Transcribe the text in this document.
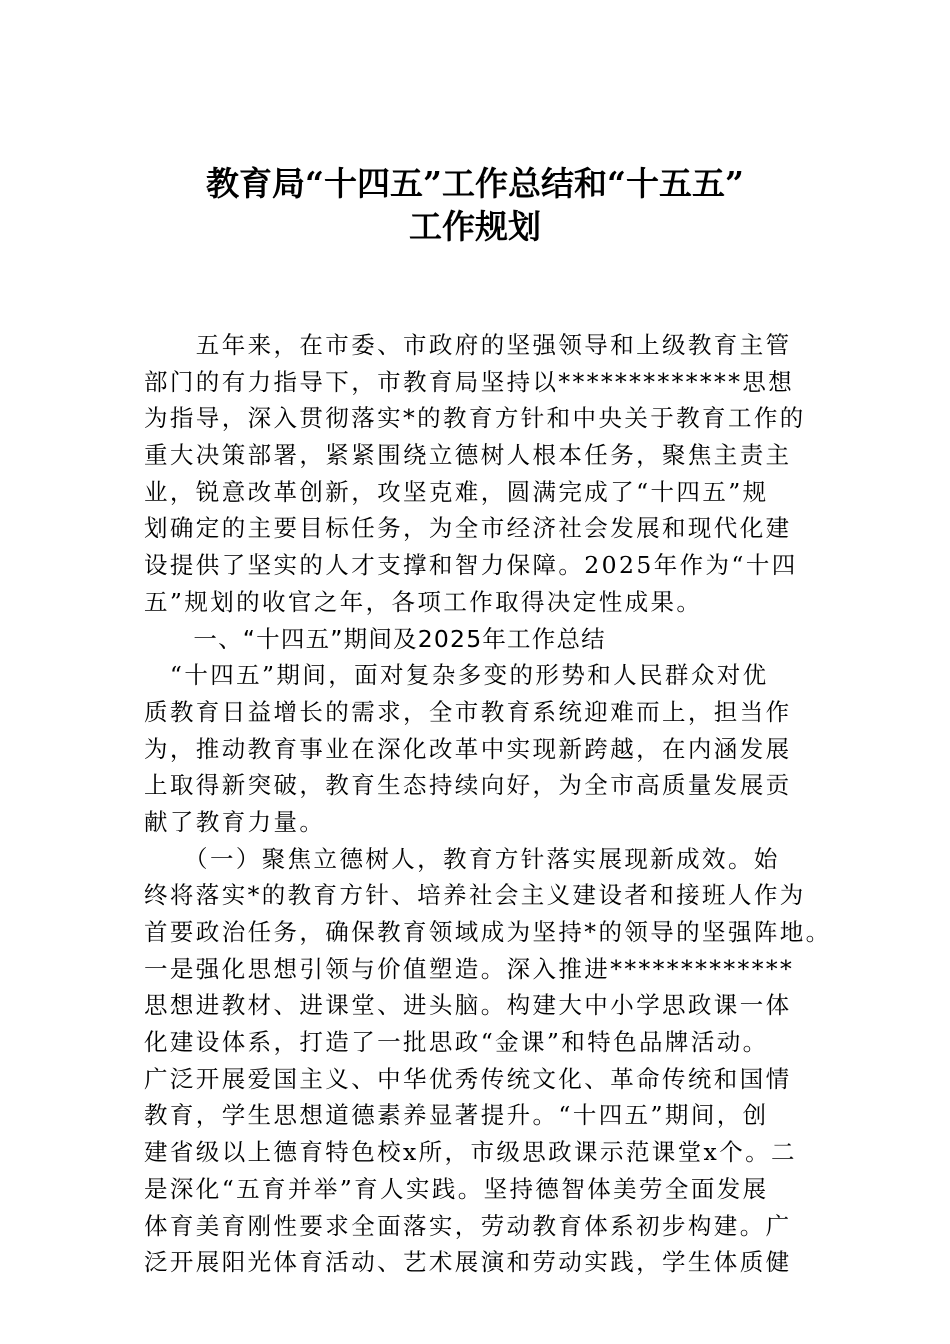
教育局“十四五”工作总结和“十五五”
工作规划
　　五年来，在市委、市政府的坚强领导和上级教育主管
部门的有力指导下，市教育局坚持以*************思想
为指导，深入贯彻落实*的教育方针和中央关于教育工作的
重大决策部署，紧紧围绕立德树人根本任务，聚焦主责主
业，锐意改革创新，攻坚克难，圆满完成了“十四五”规
划确定的主要目标任务，为全市经济社会发展和现代化建
设提供了坚实的人才支撑和智力保障。2025年作为“十四
五”规划的收官之年，各项工作取得决定性成果。
　　一、“十四五”期间及2025年工作总结
　“十四五”期间，面对复杂多变的形势和人民群众对优
质教育日益增长的需求，全市教育系统迎难而上，担当作
为，推动教育事业在深化改革中实现新跨越，在内涵发展
上取得新突破，教育生态持续向好，为全市高质量发展贡
献了教育力量。
　　（一）聚焦立德树人，教育方针落实展现新成效。始
终将落实*的教育方针、培养社会主义建设者和接班人作为
首要政治任务，确保教育领域成为坚持*的领导的坚强阵地。
一是强化思想引领与价值塑造。深入推进*************
思想进教材、进课堂、进头脑。构建大中小学思政课一体
化建设体系，打造了一批思政“金课”和特色品牌活动。
广泛开展爱国主义、中华优秀传统文化、革命传统和国情
教育，学生思想道德素养显著提升。“十四五”期间，创
建省级以上德育特色校x所，市级思政课示范课堂x个。二
是深化“五育并举”育人实践。坚持德智体美劳全面发展
体育美育刚性要求全面落实，劳动教育体系初步构建。广
泛开展阳光体育活动、艺术展演和劳动实践，学生体质健
